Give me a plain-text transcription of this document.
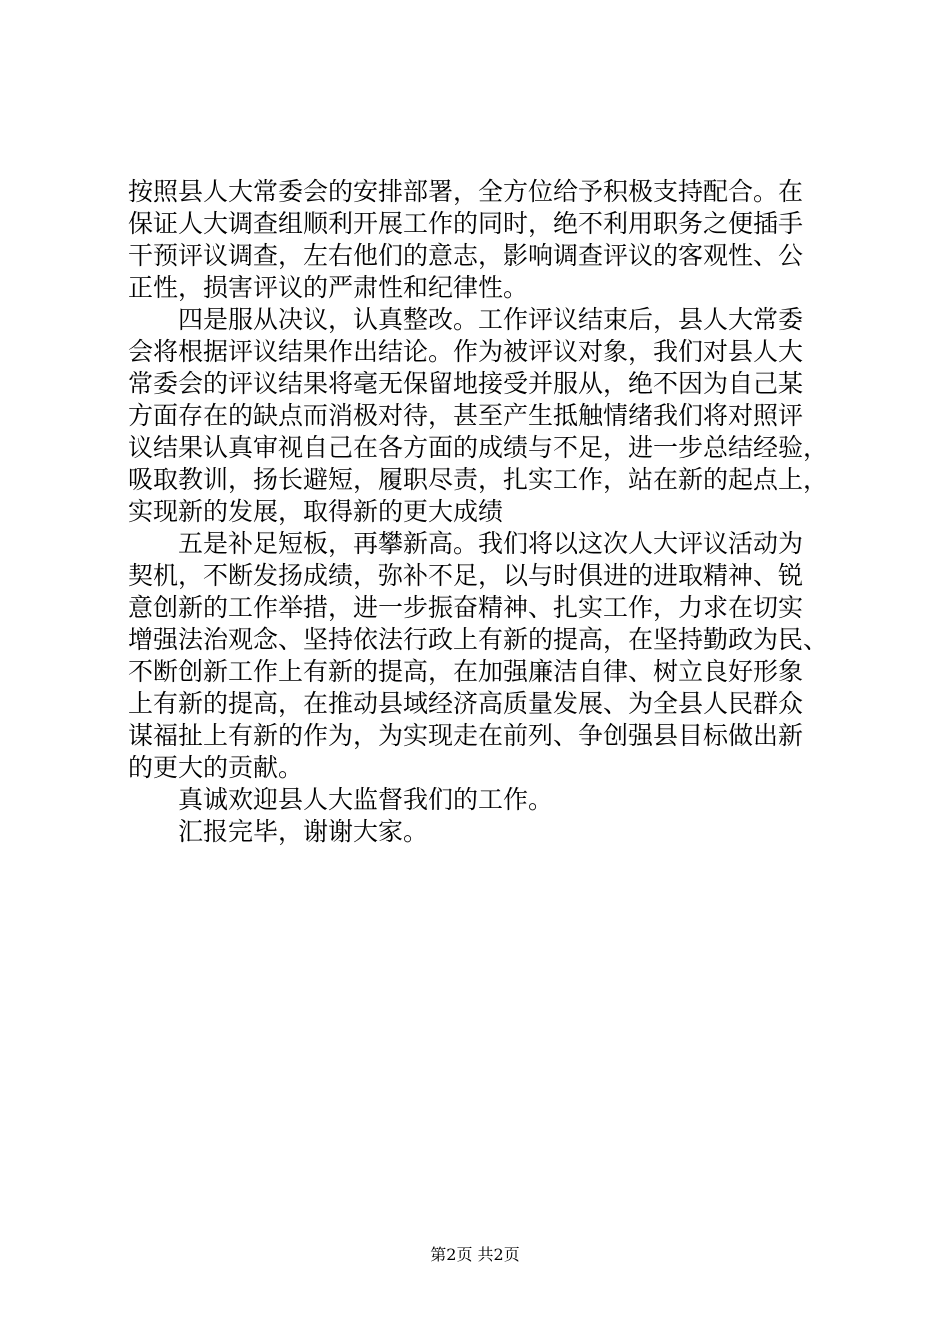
按照县人大常委会的安排部署，全方位给予积极支持配合。在
保证人大调查组顺利开展工作的同时，绝不利用职务之便插手
干预评议调查，左右他们的意志，影响调查评议的客观性、公
正性，损害评议的严肃性和纪律性。
　　四是服从决议，认真整改。工作评议结束后，县人大常委
会将根据评议结果作出结论。作为被评议对象，我们对县人大
常委会的评议结果将毫无保留地接受并服从，绝不因为自己某
方面存在的缺点而消极对待，甚至产生抵触情绪我们将对照评
议结果认真审视自己在各方面的成绩与不足，进一步总结经验，
吸取教训，扬长避短，履职尽责，扎实工作，站在新的起点上，
实现新的发展，取得新的更大成绩
　　五是补足短板，再攀新高。我们将以这次人大评议活动为
契机，不断发扬成绩，弥补不足，以与时俱进的进取精神、锐
意创新的工作举措，进一步振奋精神、扎实工作，力求在切实
增强法治观念、坚持依法行政上有新的提高，在坚持勤政为民、
不断创新工作上有新的提高，在加强廉洁自律、树立良好形象
上有新的提高，在推动县域经济高质量发展、为全县人民群众
谋福扯上有新的作为，为实现走在前列、争创强县目标做出新
的更大的贡献。
　　真诚欢迎县人大监督我们的工作。
　　汇报完毕，谢谢大家。
第2页 共2页
